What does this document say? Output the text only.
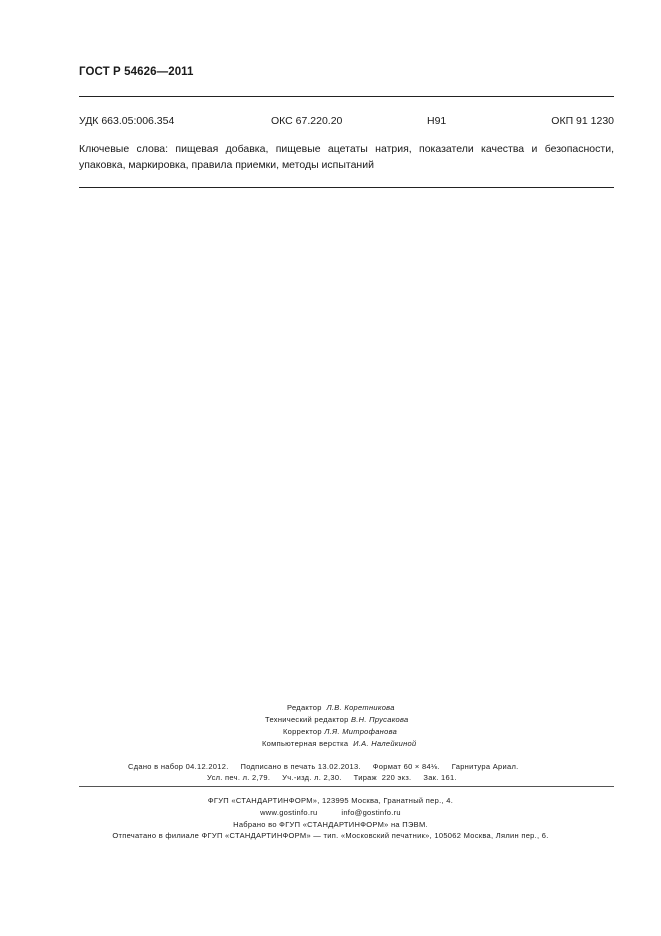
ГОСТ Р 54626—2011
УДК 663.05:006.354	ОКС 67.220.20	Н91	ОКП 91 1230
Ключевые слова: пищевая добавка, пищевые ацетаты натрия, показатели качества и безопасности,
упаковка, маркировка, правила приемки, методы испытаний
Редактор Л.В. Коретникова
Технический редактор В.Н. Прусакова
Корректор Л.Я. Митрофанова
Компьютерная верстка И.А. Налейкиной
Сдано в набор 04.12.2012.     Подписано в печать 13.02.2013.     Формат 60 × 84⅛.     Гарнитура Ариал.
Усл. печ. л. 2,79.     Уч.-изд. л. 2,30.     Тираж  220 экз.     Зак. 161.
ФГУП «СТАНДАРТИНФОРМ», 123995 Москва, Гранатный пер., 4.
www.gostinfo.ru          info@gostinfo.ru
Набрано во ФГУП «СТАНДАРТИНФОРМ» на ПЭВМ.
Отпечатано в филиале ФГУП «СТАНДАРТИНФОРМ» — тип. «Московский печатник», 105062 Москва, Лялин пер., 6.
